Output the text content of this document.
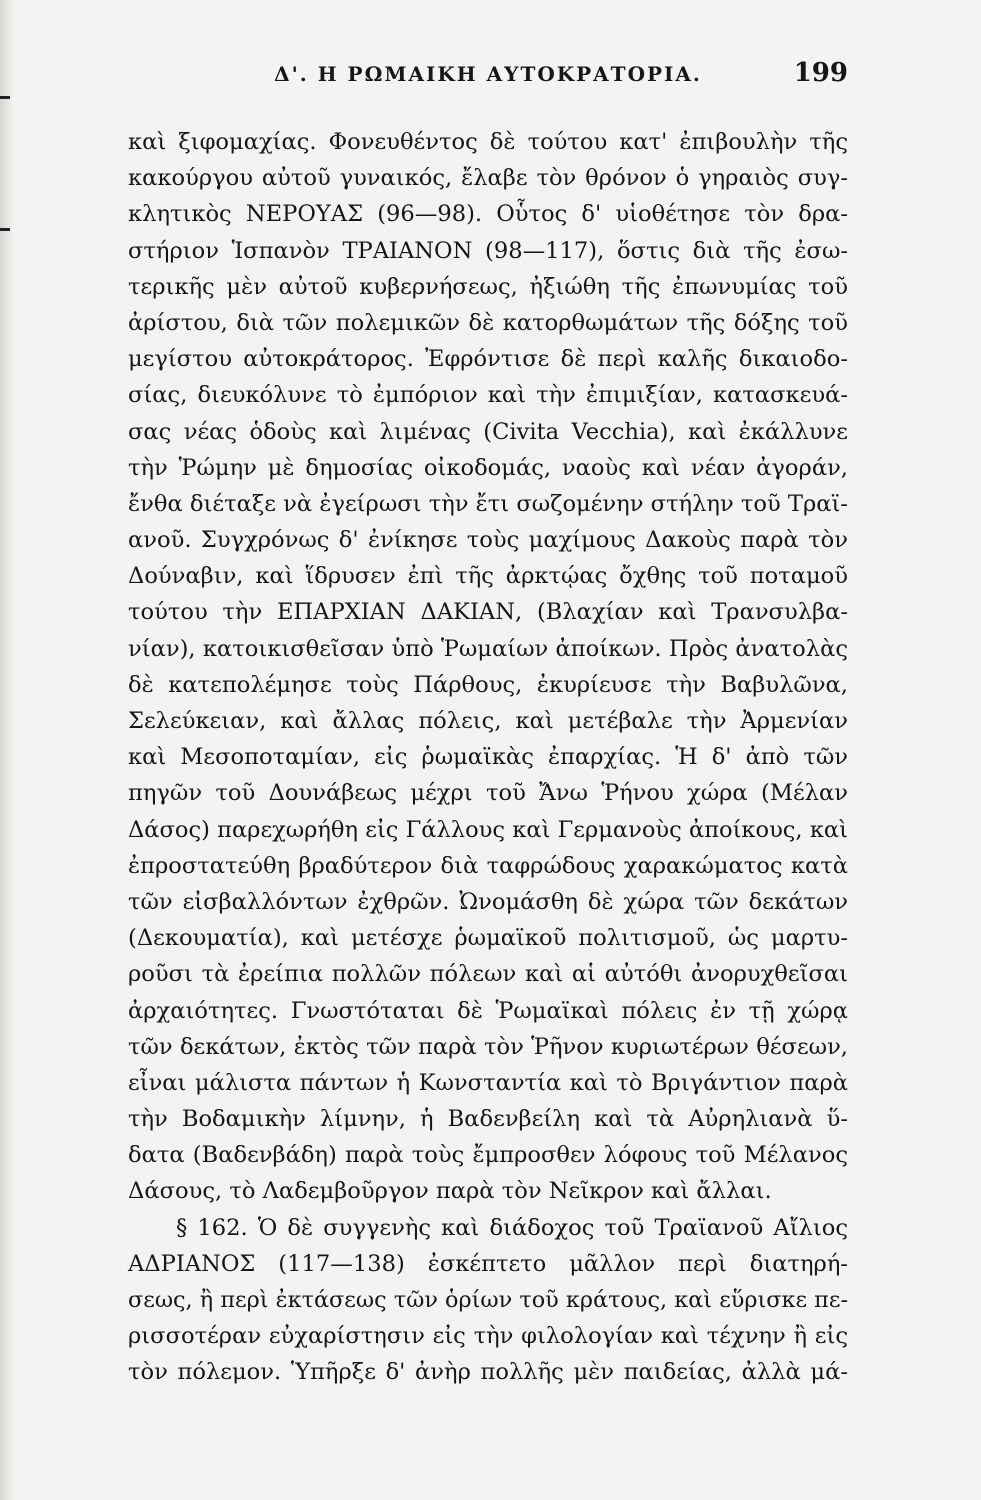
Δ'. Η ΡΩΜΑΙΚΗ ΑΥΤΟΚΡΑΤΟΡΙΑ.	199
καὶ ξιφομαχίας. Φονευθέντος δὲ τούτου κατ' ἐπιβουλὴν τῆς
κακούργου αὐτοῦ γυναικός, ἔλαβε τὸν θρόνον ὁ γηραιὸς συγ-
κλητικὸς ΝΕΡΟΥΑΣ (96—98). Οὗτος δ' υἱοθέτησε τὸν δρα-
στήριον Ἱσπανὸν ΤΡΑΙΑΝΟΝ (98—117), ὅστις διὰ τῆς ἐσω-
τερικῆς μὲν αὐτοῦ κυβερνήσεως, ἠξιώθη τῆς ἐπωνυμίας τοῦ
ἀρίστου, διὰ τῶν πολεμικῶν δὲ κατορθωμάτων τῆς δόξης τοῦ
μεγίστου αὐτοκράτορος. Ἐφρόντισε δὲ περὶ καλῆς δικαιοδο-
σίας, διευκόλυνε τὸ ἐμπόριον καὶ τὴν ἐπιμιξίαν, κατασκευά-
σας νέας ὁδοὺς καὶ λιμένας (Civita Vecchia), καὶ ἐκάλλυνε
τὴν Ῥώμην μὲ δημοσίας οἰκοδομάς, ναοὺς καὶ νέαν ἀγοράν,
ἔνθα διέταξε νὰ ἐγείρωσι τὴν ἔτι σωζομένην στήλην τοῦ Τραϊ-
ανοῦ. Συγχρόνως δ' ἐνίκησε τοὺς μαχίμους Δακοὺς παρὰ τὸν
Δούναβιν, καὶ ἵδρυσεν ἐπὶ τῆς ἀρκτῴας ὄχθης τοῦ ποταμοῦ
τούτου τὴν ΕΠΑΡΧΙΑΝ ΔΑΚΙΑΝ, (Βλαχίαν καὶ Τρανσυλβα-
νίαν), κατοικισθεῖσαν ὑπὸ Ῥωμαίων ἀποίκων. Πρὸς ἀνατολὰς
δὲ κατεπολέμησε τοὺς Πάρθους, ἐκυρίευσε τὴν Βαβυλῶνα,
Σελεύκειαν, καὶ ἄλλας πόλεις, καὶ μετέβαλε τὴν Ἀρμενίαν
καὶ Μεσοποταμίαν, εἰς ῥωμαϊκὰς ἐπαρχίας. Ἡ δ' ἀπὸ τῶν
πηγῶν τοῦ Δουνάβεως μέχρι τοῦ Ἄνω Ῥήνου χώρα (Μέλαν
Δάσος) παρεχωρήθη εἰς Γάλλους καὶ Γερμανοὺς ἀποίκους, καὶ
ἐπροστατεύθη βραδύτερον διὰ ταφρώδους χαρακώματος κατὰ
τῶν εἰσβαλλόντων ἐχθρῶν. Ὠνομάσθη δὲ χώρα τῶν δεκάτων
(Δεκουματία), καὶ μετέσχε ῥωμαϊκοῦ πολιτισμοῦ, ὡς μαρτυ-
ροῦσι τὰ ἐρείπια πολλῶν πόλεων καὶ αἱ αὐτόθι ἀνορυχθεῖσαι
ἀρχαιότητες. Γνωστόταται δὲ Ῥωμαϊκαὶ πόλεις ἐν τῇ χώρᾳ
τῶν δεκάτων, ἐκτὸς τῶν παρὰ τὸν Ῥῆνον κυριωτέρων θέσεων,
εἶναι μάλιστα πάντων ἡ Κωνσταντία καὶ τὸ Βριγάντιον παρὰ
τὴν Βοδαμικὴν λίμνην, ἡ Βαδενβείλη καὶ τὰ Αὐρηλιανὰ ὕ-
δατα (Βαδενβάδη) παρὰ τοὺς ἔμπροσθεν λόφους τοῦ Μέλανος
Δάσους, τὸ Λαδεμβοῦργον παρὰ τὸν Νεῖκρον καὶ ἄλλαι.
§ 162. Ὁ δὲ συγγενὴς καὶ διάδοχος τοῦ Τραϊανοῦ Αἴλιος
ΑΔΡΙΑΝΟΣ (117—138) ἐσκέπτετο μᾶλλον περὶ διατηρή-
σεως, ἢ περὶ ἐκτάσεως τῶν ὁρίων τοῦ κράτους, καὶ εὕρισκε πε-
ρισσοτέραν εὐχαρίστησιν εἰς τὴν φιλολογίαν καὶ τέχνην ἢ εἰς
τὸν πόλεμον. Ὑπῆρξε δ' ἀνὴρ πολλῆς μὲν παιδείας, ἀλλὰ μά-
